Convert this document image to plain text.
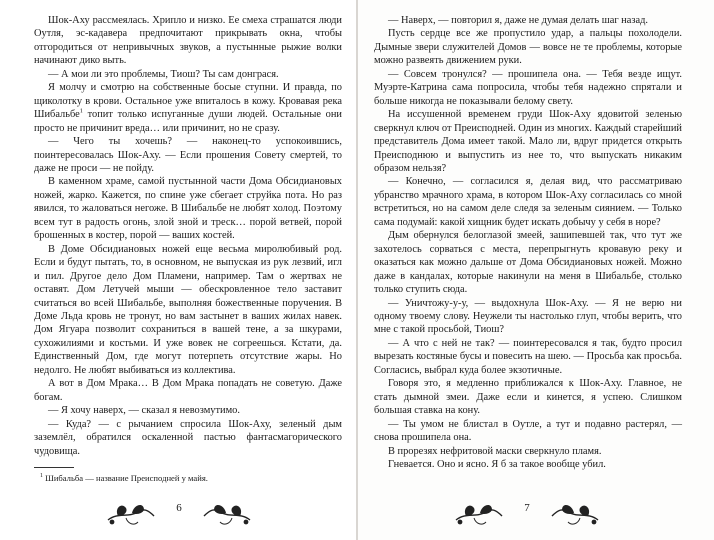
Шок-Аху рассмеялась. Хрипло и низко. Ее смеха страшатся люди Оутля, эс-кадавера предпочитают прикрывать окна, чтобы отгородиться от непривычных звуков, а пустынные рыжие волки начинают дико выть.

— А мои ли это проблемы, Тиош? Ты сам донграся.

Я молчу и смотрю на собственные босые ступни. И правда, по щиколотку в крови. Остальное уже впиталось в кожу. Кровавая река Шибальбе$^1$ топит только испуганные души людей. Остальные они просто не причинит вреда… или причинит, но не сразу.

— Чего ты хочешь? — наконец-то успокоившись, поинтересовалась Шок-Аху. — Если прошения Совету смертей, то даже не проси — не пойду.

В каменном храме, самой пустынной части Дома Обсидиановых ножей, жарко. Кажется, по спине уже сбегает струйка пота. Но раз явился, то жаловаться негоже. В Шибальбе не любят холод. Поэтому всем тут в радость огонь, злой зной и треск… порой ветвей, порой брошенных в костер, порой — ваших костей.

В Доме Обсидиановых ножей еще весьма миролюбивый род. Если и будут пытать, то, в основном, не выпуская из рук лезвий, игл и пил. Другое дело Дом Пламени, например. Там о жертвах не оставят. Дом Летучей мыши — обескровленное тело заставит считаться во всей Шибальбе, выполняя божественные поручения. В Доме Льда кровь не тронут, но вам застынет в ваших жилах навек. Дом Ягуара позволит сохраниться в вашей тене, а за шкурами, сухожилиями и костьми. И уже вовек не согреешься. Кстати, да. Единственный Дом, где могут потерпеть отсутствие жары. Но недолго. Не любят выбиваться из коллектива.

А вот в Дом Мрака… В Дом Мрака попадать не советую. Даже богам.

— Я хочу наверх, — сказал я невозмутимо.

— Куда? — с рычанием спросила Шок-Аху, зеленый дым заземлёл, обратился оскаленной пастью фантасмагорического чудовища.

$^1$ Шибальба — название Преисподней у майя.

6

— Наверх, — повторил я, даже не думая делать шаг назад.

Пусть сердце все же пропустило удар, а пальцы похолодели. Дымные звери служителей Домов — вовсе не те проблемы, которые можно развеять движением руки.

— Совсем тронулся? — прошипела она. — Тебя везде ищут. Муэрте-Катрина сама попросила, чтобы тебя надежно спрятали и больше никогда не показывали белому свету.

На иссушенной временем груди Шок-Аху ядовитой зеленью сверкнул ключ от Преисподней. Один из многих. Каждый старейший представитель Дома имеет такой. Мало ли, вдруг придется открыть Преисподнюю и выпустить из нее то, что выпускать никаким образом нельзя?

— Конечно, — согласился я, делая вид, что рассматриваю убранство мрачного храма, в котором Шок-Аху согласилась со мной встретиться, но на самом деле следя за зеленым сиянием. — Только сама подумай: какой хищник будет искать добычу у себя в норе?

Дым обернулся белоглазой змеей, зашипевшей так, что тут же захотелось сорваться с места, перепрыгнуть кровавую реку и оказаться как можно дальше от Дома Обсидиановых ножей. Можно даже в кандалах, которые накинули на меня в Шибальбе, столько только ступить сюда.

— Уничтожу-у-у, — выдохнула Шок-Аху. — Я не верю ни одному твоему слову. Неужели ты настолько глуп, чтобы верить, что мне с такой просьбой, Тиош?

— А что с ней не так? — поинтересовался я так, будто просил вырезать костяные бусы и повесить на шею. — Просьба как просьба. Согласись, выбрал куда более экзотичные.

Говоря это, я медленно приближался к Шок-Аху. Главное, не стать дымной змеи. Даже если и кинется, я успею. Слишком большая ставка на кону.

— Ты умом не блистал в Оутле, а тут и подавно растерял, — снова прошипела она.

В прорезях нефритовой маски сверкнуло пламя.

Гневается. Оно и ясно. Я б за такое вообще убил.

7
